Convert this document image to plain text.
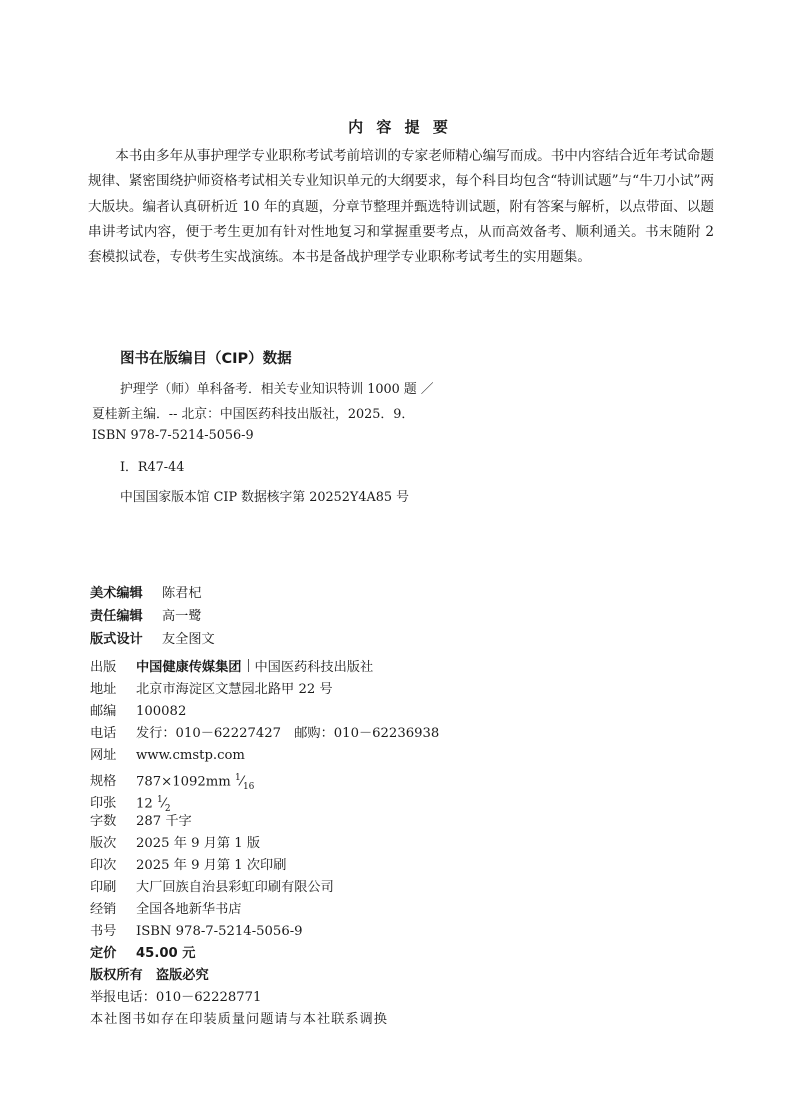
内 容 提 要

本书由多年从事护理学专业职称考试考前培训的专家老师精心编写而成。书中内容结合近年考试命题规律、紧密围绕护师资格考试相关专业知识单元的大纲要求，每个科目均包含“特训试题”与“牛刀小试”两大版块。编者认真研析近 10 年的真题，分章节整理并甄选特训试题，附有答案与解析，以点带面、以题串讲考试内容，便于考生更加有针对性地复习和掌握重要考点，从而高效备考、顺利通关。书末随附 2 套模拟试卷，专供考生实战演练。本书是备战护理学专业职称考试考生的实用题集。

图书在版编目（CIP）数据
护理学（师）单科备考．相关专业知识特训 1000 题 ／
夏桂新主编．-- 北京：中国医药科技出版社，2025．9．
ISBN 978-7-5214-5056-9
Ⅰ．R47-44
中国国家版本馆 CIP 数据核字第 20252Y4A85 号
美术编辑 陈君杞
责任编辑 高一鹭
版式设计 友全图文
出版 中国健康传媒集团 中国医药科技出版社
地址 北京市海淀区文慧园北路甲 22 号
邮编 100082
电话 发行：010－62227427　邮购：010－62236938
网址 www.cmstp.com
规格 787×1092mm $^1⁄_{16}$
印张 12 $^1⁄_2$
字数 287 千字
版次 2025 年 9 月第 1 版
印次 2025 年 9 月第 1 次印刷
印刷 大厂回族自治县彩虹印刷有限公司
经销 全国各地新华书店
书号 ISBN 978-7-5214-5056-9
定价 45.00 元
版权所有　盗版必究
举报电话：010－62228771
本社图书如存在印装质量问题请与本社联系调换
